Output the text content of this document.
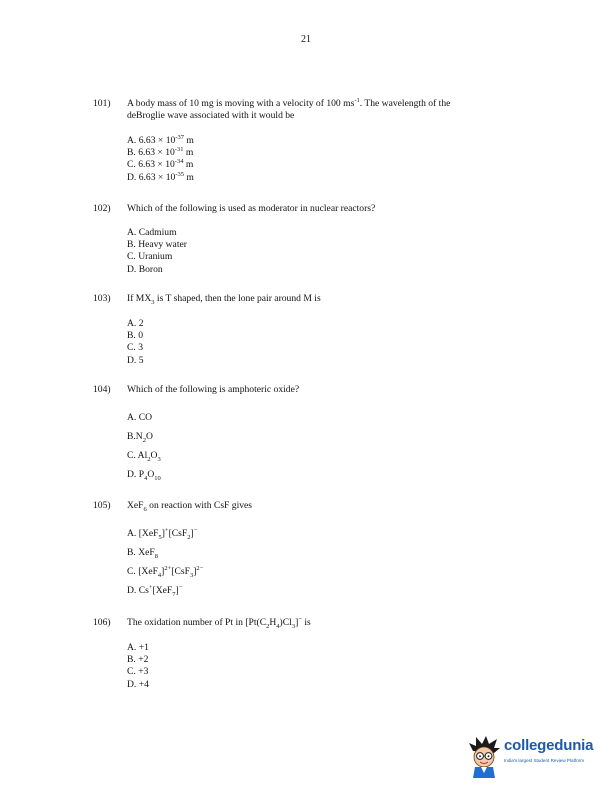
21
101) A body mass of 10 mg is moving with a velocity of 100 $ms^{-1}$. The wavelength of the
deBroglie wave associated with it would be
A. $6.63 \times 10^{-37}$ m
B. $6.63 \times 10^{-31}$ m
C. $6.63 \times 10^{-34}$ m
D. $6.63 \times 10^{-35}$ m
102) Which of the following is used as moderator in nuclear reactors?
A. Cadmium
B. Heavy water
C. Uranium
D. Boron
103) If $MX_3$ is T shaped, then the lone pair around M is
A. 2
B. 0
C. 3
D. 5
104) Which of the following is amphoteric oxide?
A. CO
$B.N_2O$
C. $Al_2O_3$
D. $P_4O_{10}$
105) XeF$_6$ on reaction with CsF gives
A. [XeF$_5$]+[CsF$_2$]−
B. XeF$_8$
C. $[XeF_4]^{2+}[CsF_3]^{2-}$
D. Cs+[XeF$_7$]−
106) The oxidation number of Pt in $[Pt(C_2H_4)Cl_3]^-$ is
A. +1
B. +2
C. +3
D. +4
collegedunia
India's largest Student Review Platform
